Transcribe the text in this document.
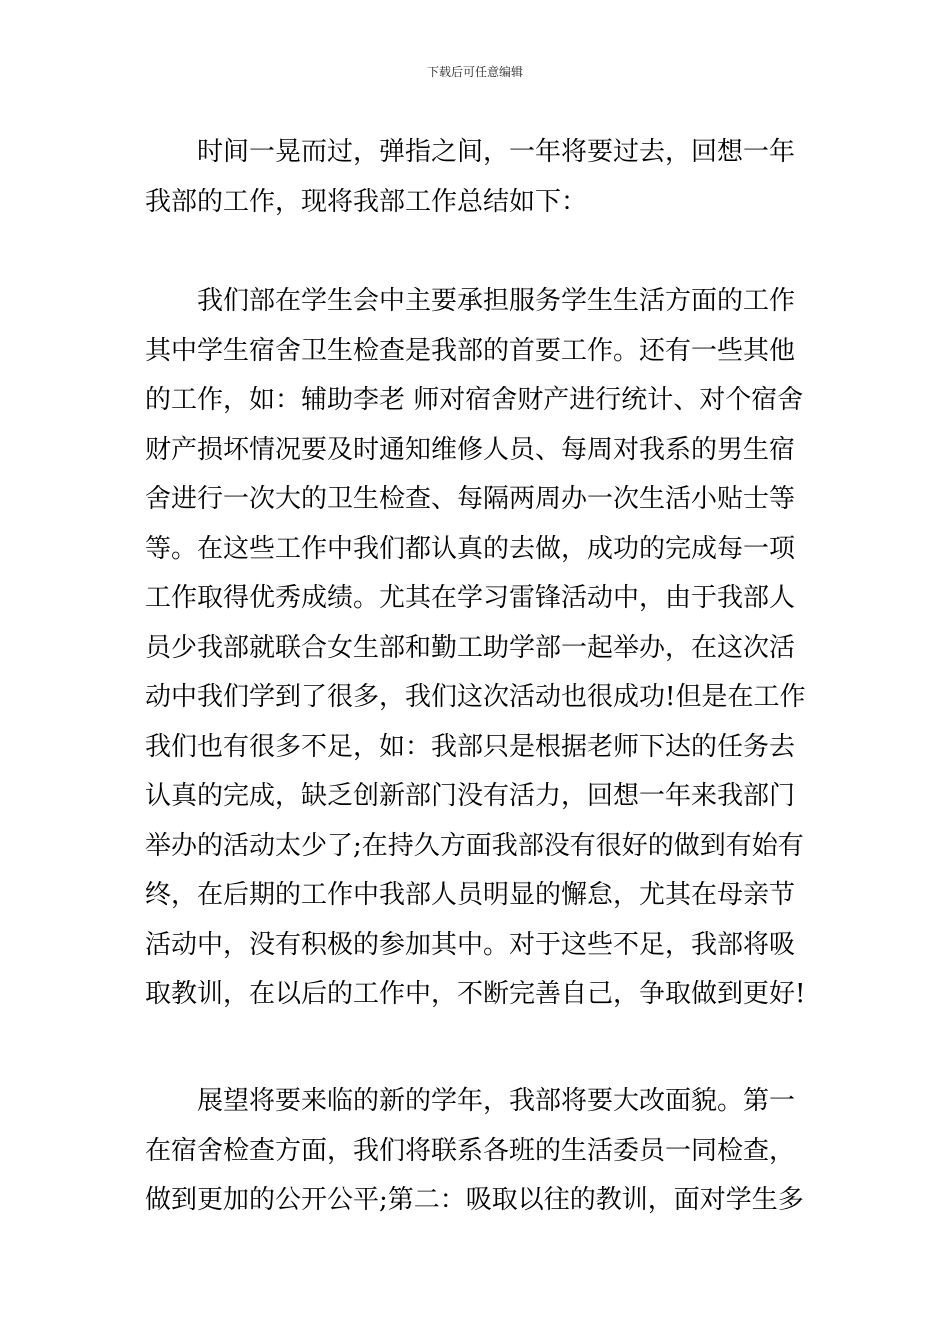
下载后可任意编辑
时间一晃而过，弹指之间，一年将要过去，回想一年
我部的工作，现将我部工作总结如下：
我们部在学生会中主要承担服务学生生活方面的工作
其中学生宿舍卫生检查是我部的首要工作。还有一些其他
的工作，如：辅助李老 师对宿舍财产进行统计、对个宿舍
财产损坏情况要及时通知维修人员、每周对我系的男生宿
舍进行一次大的卫生检查、每隔两周办一次生活小贴士等
等。在这些工作中我们都认真的去做，成功的完成每一项
工作取得优秀成绩。尤其在学习雷锋活动中，由于我部人
员少我部就联合女生部和勤工助学部一起举办，在这次活
动中我们学到了很多，我们这次活动也很成功!但是在工作
我们也有很多不足，如：我部只是根据老师下达的任务去
认真的完成，缺乏创新部门没有活力，回想一年来我部门
举办的活动太少了;在持久方面我部没有很好的做到有始有
终，在后期的工作中我部人员明显的懈怠，尤其在母亲节
活动中，没有积极的参加其中。对于这些不足，我部将吸
取教训，在以后的工作中，不断完善自己，争取做到更好!
展望将要来临的新的学年，我部将要大改面貌。第一
在宿舍检查方面，我们将联系各班的生活委员一同检查，
做到更加的公开公平;第二：吸取以往的教训，面对学生多
